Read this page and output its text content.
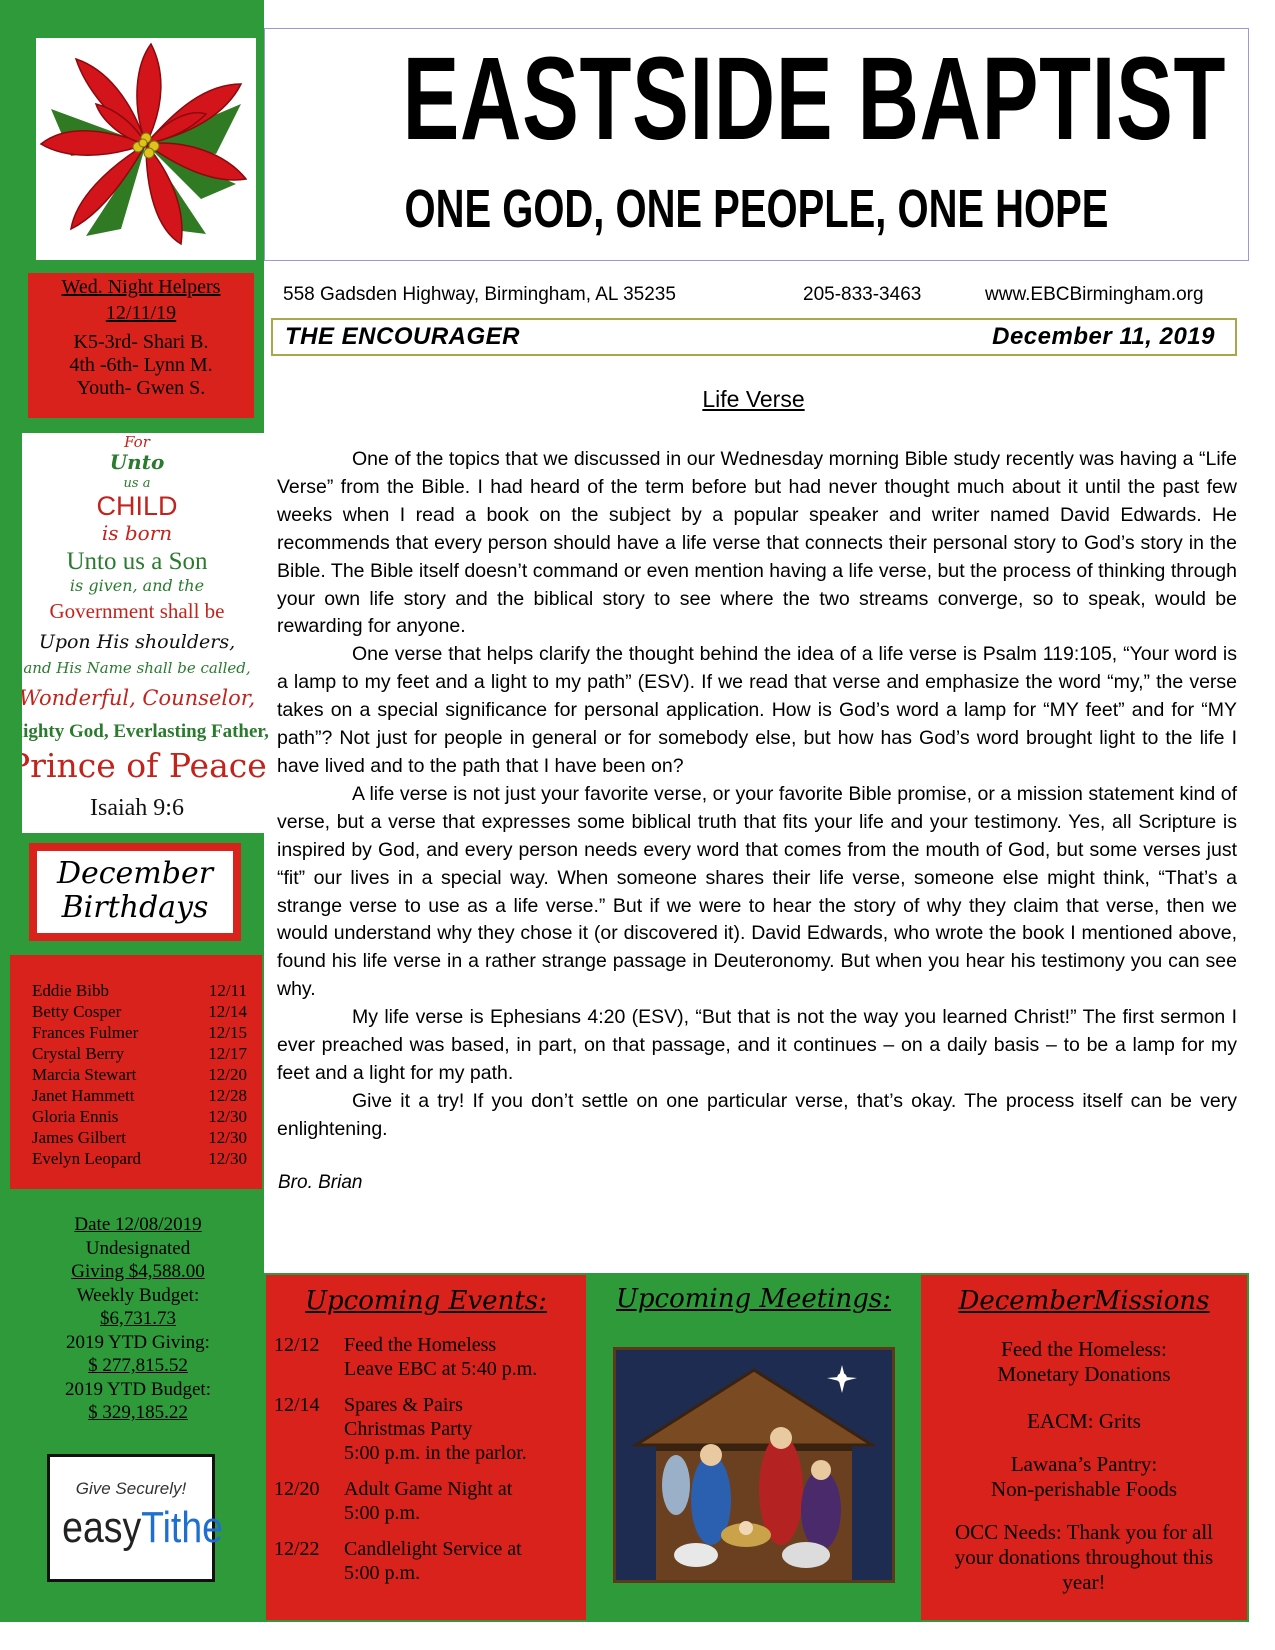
Wed. Night Helpers
12/11/19
K5-3rd- Shari B.
4th -6th- Lynn M.
Youth- Gwen S.
For
Unto
us a
CHILD
is born
Unto us a Son
is given, and the
Government shall be
Upon His shoulders,
and His Name shall be called,
Wonderful, Counselor,
Mighty God, Everlasting Father,
Prince of Peace!
Isaiah 9:6
December
Birthdays
Eddie Bibb	12/11
Betty Cosper	12/14
Frances Fulmer	12/15
Crystal Berry	12/17
Marcia Stewart	12/20
Janet Hammett	12/28
Gloria Ennis	12/30
James Gilbert	12/30
Evelyn Leopard	12/30
Date 12/08/2019
Undesignated
Giving $4,588.00
Weekly Budget:
$6,731.73
2019 YTD Giving:
$ 277,815.52
2019 YTD Budget:
$ 329,185.22
Give Securely!
easyTithe
EASTSIDE BAPTIST
ONE GOD, ONE PEOPLE, ONE HOPE
558 Gadsden Highway, Birmingham, AL 35235	205-833-3463	www.EBCBirmingham.org
THE ENCOURAGER	December 11, 2019
Life Verse

One of the topics that we discussed in our Wednesday morning Bible study recently was having a “Life Verse” from the Bible. I had heard of the term before but had never thought much about it until the past few weeks when I read a book on the subject by a popular speaker and writer named David Edwards. He recommends that every person should have a life verse that connects their personal story to God’s story in the Bible. The Bible itself doesn’t command or even mention having a life verse, but the process of thinking through your own life story and the biblical story to see where the two streams converge, so to speak, would be rewarding for anyone.

One verse that helps clarify the thought behind the idea of a life verse is Psalm 119:105, “Your word is a lamp to my feet and a light to my path” (ESV). If we read that verse and emphasize the word “my,” the verse takes on a special significance for personal application. How is God’s word a lamp for “MY feet” and for “MY path”? Not just for people in general or for somebody else, but how has God’s word brought light to the life I have lived and to the path that I have been on?

A life verse is not just your favorite verse, or your favorite Bible promise, or a mission statement kind of verse, but a verse that expresses some biblical truth that fits your life and your testimony. Yes, all Scripture is inspired by God, and every person needs every word that comes from the mouth of God, but some verses just “fit” our lives in a special way. When someone shares their life verse, someone else might think, “That’s a strange verse to use as a life verse.” But if we were to hear the story of why they claim that verse, then we would understand why they chose it (or discovered it). David Edwards, who wrote the book I mentioned above, found his life verse in a rather strange passage in Deuteronomy. But when you hear his testimony you can see why.

My life verse is Ephesians 4:20 (ESV), “But that is not the way you learned Christ!” The first sermon I ever preached was based, in part, on that passage, and it continues – on a daily basis – to be a lamp for my feet and a light for my path.

Give it a try! If you don’t settle on one particular verse, that’s okay. The process itself can be very enlightening.

Bro. Brian
Upcoming Events:
12/12 Feed the Homeless
Leave EBC at 5:40 p.m.
12/14 Spares & Pairs
Christmas Party
5:00 p.m. in the parlor.
12/20 Adult Game Night at
5:00 p.m.
12/22 Candlelight Service at
5:00 p.m.
Upcoming Meetings:	DecemberMissions
Feed the Homeless:
Monetary Donations
EACM: Grits
Lawana’s Pantry:
Non-perishable Foods
OCC Needs: Thank you for all
your donations throughout this
year!
